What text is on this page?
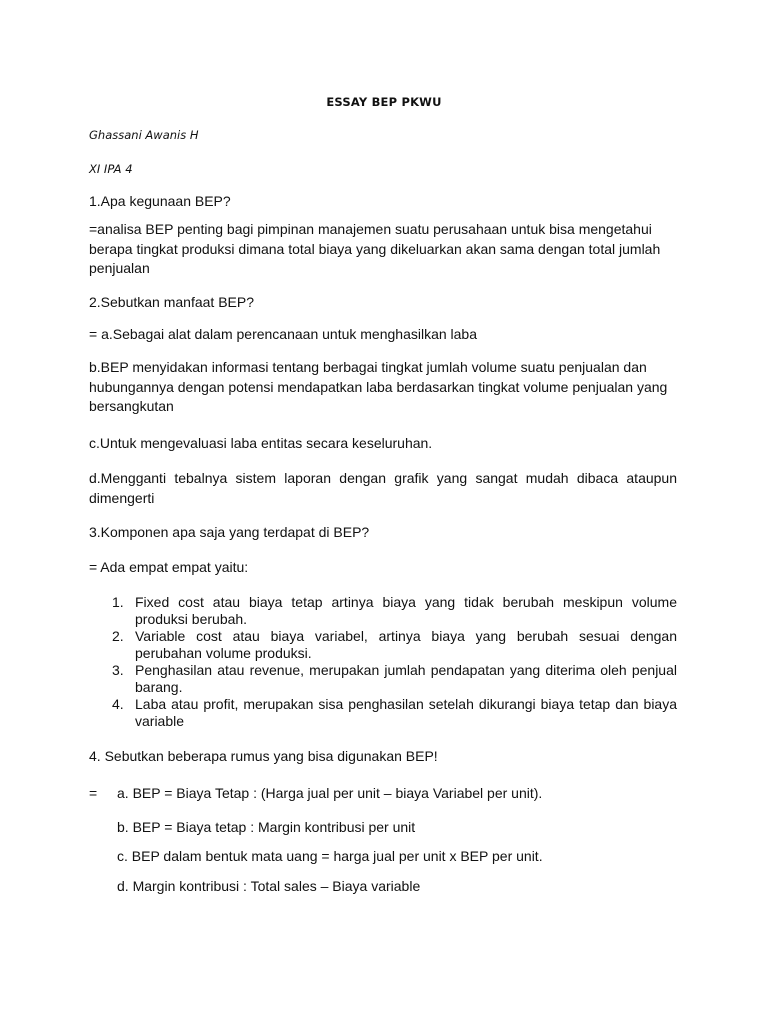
ESSAY BEP PKWU
Ghassani Awanis H
XI IPA 4
1.Apa kegunaan BEP?
=analisa BEP penting bagi pimpinan manajemen suatu perusahaan untuk bisa mengetahui berapa tingkat produksi dimana total biaya yang dikeluarkan akan sama dengan total jumlah penjualan
2.Sebutkan manfaat BEP?
= a.Sebagai alat dalam perencanaan untuk menghasilkan laba
b.BEP menyidakan informasi tentang berbagai tingkat jumlah volume suatu penjualan dan hubungannya dengan potensi mendapatkan laba berdasarkan tingkat volume penjualan yang bersangkutan
c.Untuk mengevaluasi laba entitas secara keseluruhan.
d.Mengganti tebalnya sistem laporan dengan grafik yang sangat mudah dibaca ataupun dimengerti
3.Komponen apa saja yang terdapat di BEP?
= Ada empat empat yaitu:
1. Fixed cost atau biaya tetap artinya biaya yang tidak berubah meskipun volume produksi berubah.
2. Variable cost atau biaya variabel, artinya biaya yang berubah sesuai dengan perubahan volume produksi.
3. Penghasilan atau revenue, merupakan jumlah pendapatan yang diterima oleh penjual barang.
4. Laba atau profit, merupakan sisa penghasilan setelah dikurangi biaya tetap dan biaya variable
4. Sebutkan beberapa rumus yang bisa digunakan BEP!
= a. BEP = Biaya Tetap : (Harga jual per unit – biaya Variabel per unit).
b. BEP = Biaya tetap : Margin kontribusi per unit
c. BEP dalam bentuk mata uang = harga jual per unit x BEP per unit.
d. Margin kontribusi : Total sales – Biaya variable
